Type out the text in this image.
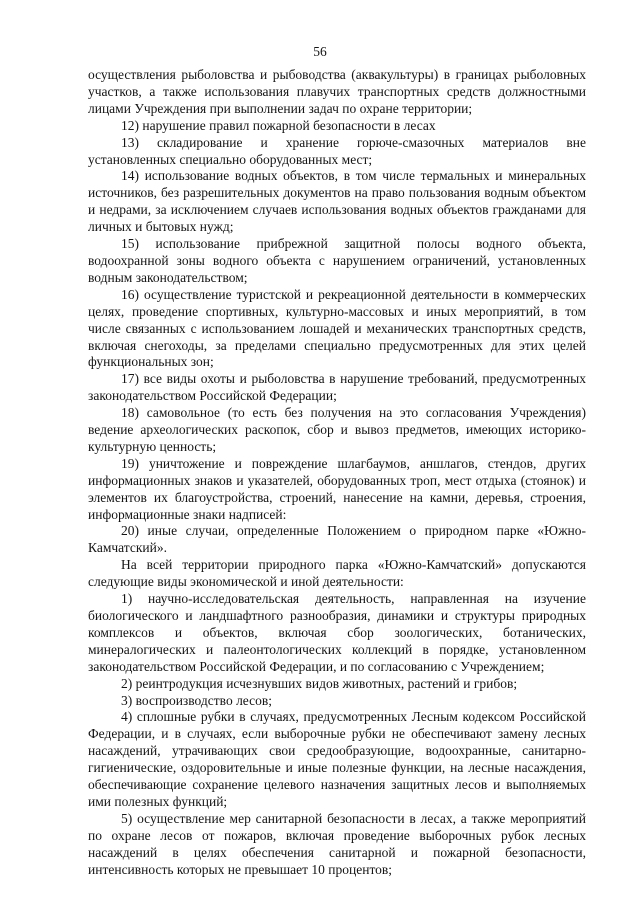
56

осуществления рыболовства и рыбоводства (аквакультуры) в границах рыболовных участков, а также использования плавучих транспортных средств должностными лицами Учреждения при выполнении задач по охране территории;

12) нарушение правил пожарной безопасности в лесах

13) складирование и хранение горюче-смазочных материалов вне установленных специально оборудованных мест;

14) использование водных объектов, в том числе термальных и минеральных источников, без разрешительных документов на право пользования водным объектом и недрами, за исключением случаев использования водных объектов гражданами для личных и бытовых нужд;

15) использование прибрежной защитной полосы водного объекта, водоохранной зоны водного объекта с нарушением ограничений, установленных водным законодательством;

16) осуществление туристской и рекреационной деятельности в коммерческих целях, проведение спортивных, культурно-массовых и иных мероприятий, в том числе связанных с использованием лошадей и механических транспортных средств, включая снегоходы, за пределами специально предусмотренных для этих целей функциональных зон;

17) все виды охоты и рыболовства в нарушение требований, предусмотренных законодательством Российской Федерации;

18) самовольное (то есть без получения на это согласования Учреждения) ведение археологических раскопок, сбор и вывоз предметов, имеющих историко-культурную ценность;

19) уничтожение и повреждение шлагбаумов, аншлагов, стендов, других информационных знаков и указателей, оборудованных троп, мест отдыха (стоянок) и элементов их благоустройства, строений, нанесение на камни, деревья, строения, информационные знаки надписей:

20) иные случаи, определенные Положением о природном парке «Южно-Камчатский».

На всей территории природного парка «Южно-Камчатский» допускаются следующие виды экономической и иной деятельности:

1) научно-исследовательская деятельность, направленная на изучение биологического и ландшафтного разнообразия, динамики и структуры природных комплексов и объектов, включая сбор зоологических, ботанических, минералогических и палеонтологических коллекций в порядке, установленном законодательством Российской Федерации, и по согласованию с Учреждением;

2) реинтродукция исчезнувших видов животных, растений и грибов;

3) воспроизводство лесов;

4) сплошные рубки в случаях, предусмотренных Лесным кодексом Российской Федерации, и в случаях, если выборочные рубки не обеспечивают замену лесных насаждений, утрачивающих свои средообразующие, водоохранные, санитарно-гигиенические, оздоровительные и иные полезные функции, на лесные насаждения, обеспечивающие сохранение целевого назначения защитных лесов и выполняемых ими полезных функций;

5) осуществление мер санитарной безопасности в лесах, а также мероприятий по охране лесов от пожаров, включая проведение выборочных рубок лесных насаждений в целях обеспечения санитарной и пожарной безопасности, интенсивность которых не превышает 10 процентов;
